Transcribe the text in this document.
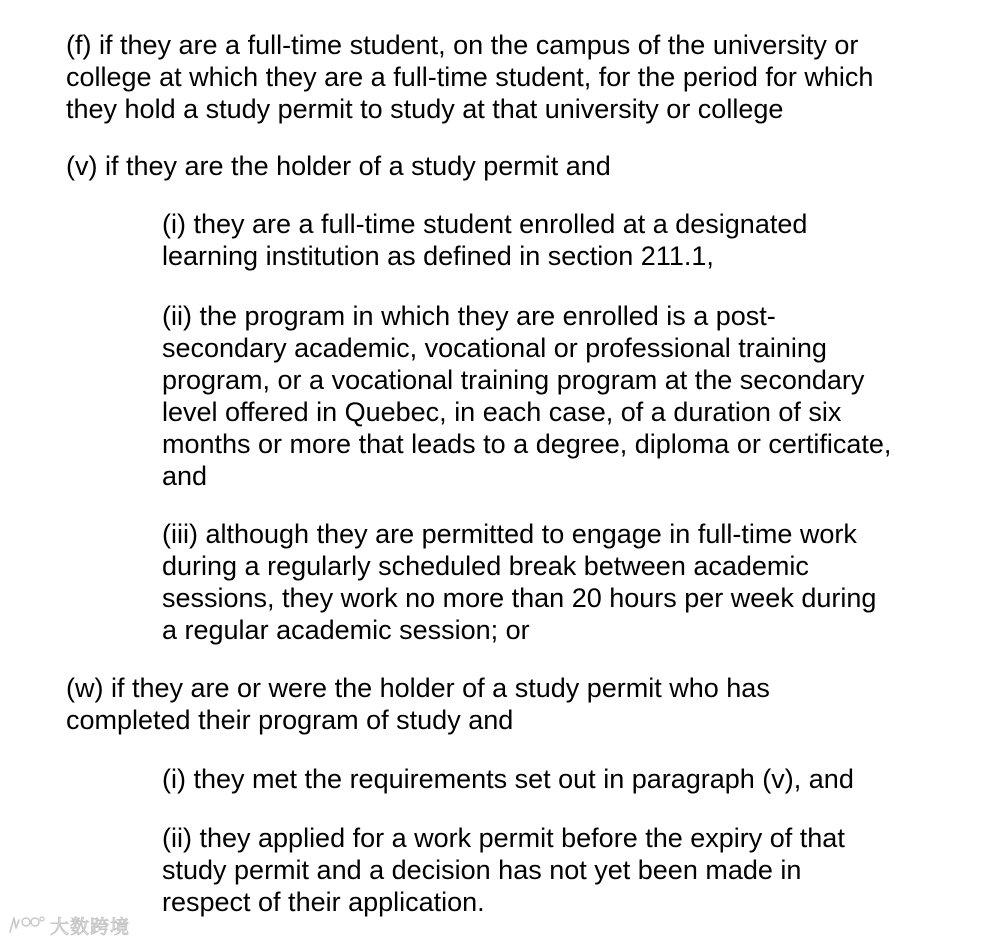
(f) if they are a full-time student, on the campus of the university or
college at which they are a full-time student, for the period for which
they hold a study permit to study at that university or college

(v) if they are the holder of a study permit and

(i) they are a full-time student enrolled at a designated
learning institution as defined in section 211.1,

(ii) the program in which they are enrolled is a post-
secondary academic, vocational or professional training
program, or a vocational training program at the secondary
level offered in Quebec, in each case, of a duration of six
months or more that leads to a degree, diploma or certificate,
and

(iii) although they are permitted to engage in full-time work
during a regularly scheduled break between academic
sessions, they work no more than 20 hours per week during
a regular academic session; or

(w) if they are or were the holder of a study permit who has
completed their program of study and

(i) they met the requirements set out in paragraph (v), and

(ii) they applied for a work permit before the expiry of that
study permit and a decision has not yet been made in
respect of their application.

大数跨境
